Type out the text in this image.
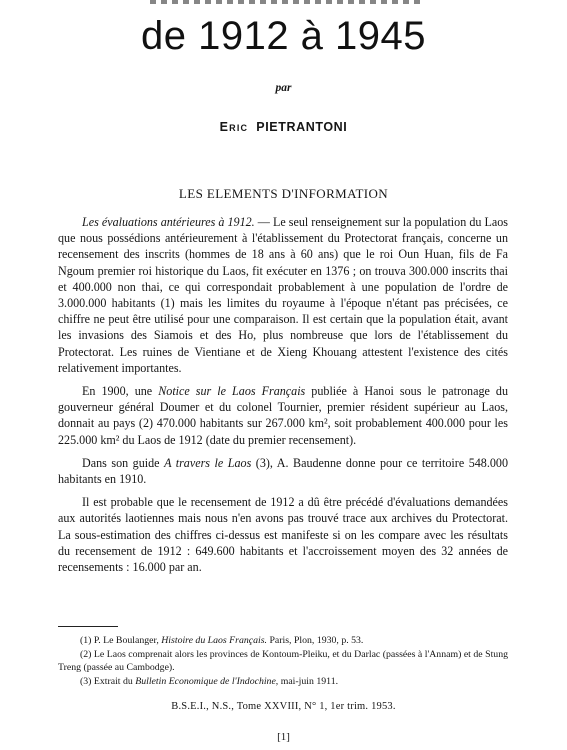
de 1912 à 1945
par
Eric PIETRANTONI
LES ELEMENTS D'INFORMATION

Les évaluations antérieures à 1912. — Le seul renseignement sur la population du Laos que nous possédions antérieurement à l'établissement du Protectorat français, concerne un recensement des inscrits (hommes de 18 ans à 60 ans) que le roi Oun Huan, fils de Fa Ngoum premier roi historique du Laos, fit exécuter en 1376 ; on trouva 300.000 inscrits thai et 400.000 non thai, ce qui correspondait probablement à une population de l'ordre de 3.000.000 habitants (1) mais les limites du royaume à l'époque n'étant pas précisées, ce chiffre ne peut être utilisé pour une comparaison. Il est certain que la population était, avant les invasions des Siamois et des Ho, plus nombreuse que lors de l'établissement du Protectorat. Les ruines de Vientiane et de Xieng Khouang attestent l'existence des cités relativement importantes.

En 1900, une Notice sur le Laos Français publiée à Hanoi sous le patronage du gouverneur général Doumer et du colonel Tournier, premier résident supérieur au Laos, donnait au pays (2) 470.000 habitants sur 267.000 km², soit probablement 400.000 pour les 225.000 km² du Laos de 1912 (date du premier recensement).

Dans son guide A travers le Laos (3), A. Baudenne donne pour ce territoire 548.000 habitants en 1910.

Il est probable que le recensement de 1912 a dû être précédé d'évaluations demandées aux autorités laotiennes mais nous n'en avons pas trouvé trace aux archives du Protectorat. La sous-estimation des chiffres ci-dessus est manifeste si on les compare avec les résultats du recensement de 1912 : 649.600 habitants et l'accroissement moyen des 32 années de recensements : 16.000 par an.

(1) P. Le Boulanger, Histoire du Laos Français. Paris, Plon, 1930, p. 53.

(2) Le Laos comprenait alors les provinces de Kontoum-Pleiku, et du Darlac (passées à l'Annam) et de Stung Treng (passée au Cambodge).

(3) Extrait du Bulletin Economique de l'Indochine, mai-juin 1911.

B.S.E.I., N.S., Tome XXVIII, N° 1, 1er trim. 1953.
[1]
